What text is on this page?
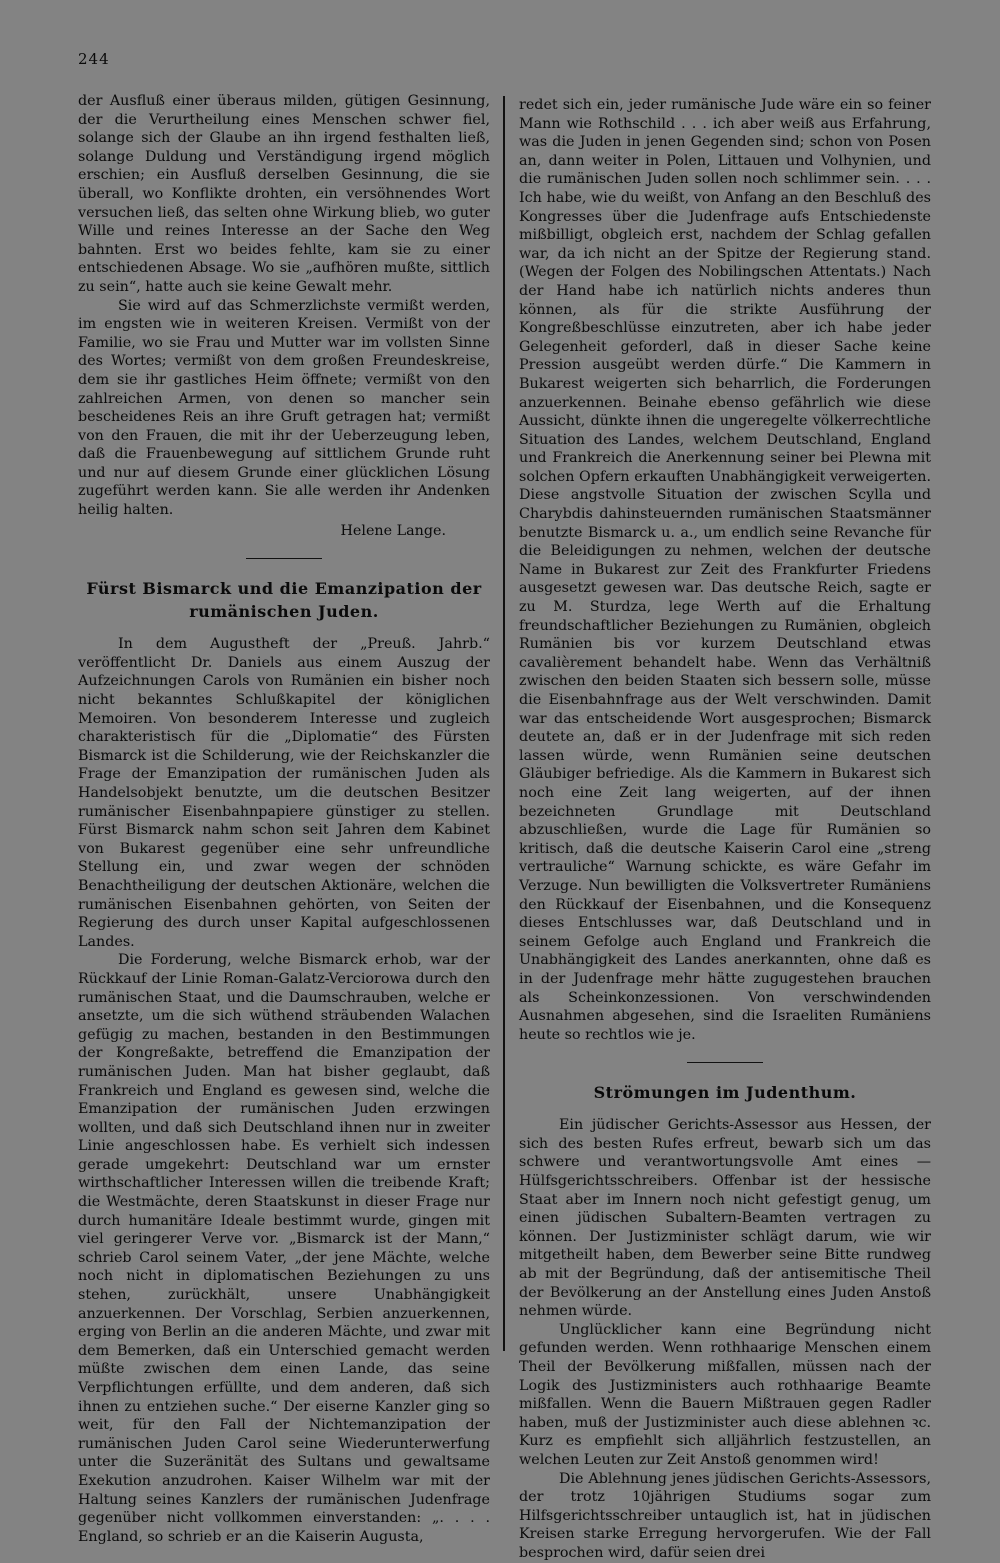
244

der Ausfluß einer überaus milden, gütigen Gesinnung, der die Verurtheilung eines Menschen schwer fiel, solange sich der Glaube an ihn irgend festhalten ließ, solange Duldung und Verständigung irgend möglich erschien; ein Ausfluß derselben Gesinnung, die sie überall, wo Konflikte drohten, ein versöhnendes Wort versuchen ließ, das selten ohne Wirkung blieb, wo guter Wille und reines Interesse an der Sache den Weg bahnten. Erst wo beides fehlte, kam sie zu einer entschiedenen Absage. Wo sie „aufhören mußte, sittlich zu sein“, hatte auch sie keine Gewalt mehr.

Sie wird auf das Schmerzlichste vermißt werden, im engsten wie in weiteren Kreisen. Vermißt von der Familie, wo sie Frau und Mutter war im vollsten Sinne des Wortes; vermißt von dem großen Freundeskreise, dem sie ihr gastliches Heim öffnete; vermißt von den zahlreichen Armen, von denen so mancher sein bescheidenes Reis an ihre Gruft getragen hat; vermißt von den Frauen, die mit ihr der Ueberzeugung leben, daß die Frauenbewegung auf sittlichem Grunde ruht und nur auf diesem Grunde einer glücklichen Lösung zugeführt werden kann. Sie alle werden ihr Andenken heilig halten.

Helene Lange.

Fürst Bismarck und die Emanzipation der rumänischen Juden.

In dem Augustheft der „Preuß. Jahrb.“ veröffentlicht Dr. Daniels aus einem Auszug der Aufzeichnungen Carols von Rumänien ein bisher noch nicht bekanntes Schlußkapitel der königlichen Memoiren. Von besonderem Interesse und zugleich charakteristisch für die „Diplomatie“ des Fürsten Bismarck ist die Schilderung, wie der Reichskanzler die Frage der Emanzipation der rumänischen Juden als Handelsobjekt benutzte, um die deutschen Besitzer rumänischer Eisenbahnpapiere günstiger zu stellen. Fürst Bismarck nahm schon seit Jahren dem Kabinet von Bukarest gegenüber eine sehr unfreundliche Stellung ein, und zwar wegen der schnöden Benachtheiligung der deutschen Aktionäre, welchen die rumänischen Eisenbahnen gehörten, von Seiten der Regierung des durch unser Kapital aufgeschlossenen Landes.

Die Forderung, welche Bismarck erhob, war der Rückkauf der Linie Roman-Galatz-Verciorowa durch den rumänischen Staat, und die Daumschrauben, welche er ansetzte, um die sich wüthend sträubenden Walachen gefügig zu machen, bestanden in den Bestimmungen der Kongreßakte, betreffend die Emanzipation der rumänischen Juden. Man hat bisher geglaubt, daß Frankreich und England es gewesen sind, welche die Emanzipation der rumänischen Juden erzwingen wollten, und daß sich Deutschland ihnen nur in zweiter Linie angeschlossen habe. Es verhielt sich indessen gerade umgekehrt: Deutschland war um ernster wirthschaftlicher Interessen willen die treibende Kraft; die Westmächte, deren Staatskunst in dieser Frage nur durch humanitäre Ideale bestimmt wurde, gingen mit viel geringerer Verve vor. „Bismarck ist der Mann,“ schrieb Carol seinem Vater, „der jene Mächte, welche noch nicht in diplomatischen Beziehungen zu uns stehen, zurückhält, unsere Unabhängigkeit anzuerkennen. Der Vorschlag, Serbien anzuerkennen, erging von Berlin an die anderen Mächte, und zwar mit dem Bemerken, daß ein Unterschied gemacht werden müßte zwischen dem einen Lande, das seine Verpflichtungen erfüllte, und dem anderen, daß sich ihnen zu entziehen suche.“ Der eiserne Kanzler ging so weit, für den Fall der Nichtemanzipation der rumänischen Juden Carol seine Wiederunterwerfung unter die Suzeränität des Sultans und gewaltsame Exekution anzudrohen. Kaiser Wilhelm war mit der Haltung seines Kanzlers der rumänischen Judenfrage gegenüber nicht vollkommen einverstanden: „. . . . England, so schrieb er an die Kaiserin Augusta,

redet sich ein, jeder rumänische Jude wäre ein so feiner Mann wie Rothschild . . . ich aber weiß aus Erfahrung, was die Juden in jenen Gegenden sind; schon von Posen an, dann weiter in Polen, Littauen und Volhynien, und die rumänischen Juden sollen noch schlimmer sein. . . . Ich habe, wie du weißt, von Anfang an den Beschluß des Kongresses über die Judenfrage aufs Entschiedenste mißbilligt, obgleich erst, nachdem der Schlag gefallen war, da ich nicht an der Spitze der Regierung stand. (Wegen der Folgen des Nobilingschen Attentats.) Nach der Hand habe ich natürlich nichts anderes thun können, als für die strikte Ausführung der Kongreßbeschlüsse einzutreten, aber ich habe jeder Gelegenheit geforderl, daß in dieser Sache keine Pression ausgeübt werden dürfe.“ Die Kammern in Bukarest weigerten sich beharrlich, die Forderungen anzuerkennen. Beinahe ebenso gefährlich wie diese Aussicht, dünkte ihnen die ungeregelte völkerrechtliche Situation des Landes, welchem Deutschland, England und Frankreich die Anerkennung seiner bei Plewna mit solchen Opfern erkauften Unabhängigkeit verweigerten. Diese angstvolle Situation der zwischen Scylla und Charybdis dahinsteuernden rumänischen Staatsmänner benutzte Bismarck u. a., um endlich seine Revanche für die Beleidigungen zu nehmen, welchen der deutsche Name in Bukarest zur Zeit des Frankfurter Friedens ausgesetzt gewesen war. Das deutsche Reich, sagte er zu M. Sturdza, lege Werth auf die Erhaltung freundschaftlicher Beziehungen zu Rumänien, obgleich Rumänien bis vor kurzem Deutschland etwas cavalièrement behandelt habe. Wenn das Verhältniß zwischen den beiden Staaten sich bessern solle, müsse die Eisenbahnfrage aus der Welt verschwinden. Damit war das entscheidende Wort ausgesprochen; Bismarck deutete an, daß er in der Judenfrage mit sich reden lassen würde, wenn Rumänien seine deutschen Gläubiger befriedige. Als die Kammern in Bukarest sich noch eine Zeit lang weigerten, auf der ihnen bezeichneten Grundlage mit Deutschland abzuschließen, wurde die Lage für Rumänien so kritisch, daß die deutsche Kaiserin Carol eine „streng vertrauliche“ Warnung schickte, es wäre Gefahr im Verzuge. Nun bewilligten die Volksvertreter Rumäniens den Rückkauf der Eisenbahnen, und die Konsequenz dieses Entschlusses war, daß Deutschland und in seinem Gefolge auch England und Frankreich die Unabhängigkeit des Landes anerkannten, ohne daß es in der Judenfrage mehr hätte zugugestehen brauchen als Scheinkonzessionen. Von verschwindenden Ausnahmen abgesehen, sind die Israeliten Rumäniens heute so rechtlos wie je.

Strömungen im Judenthum.

Ein jüdischer Gerichts-Assessor aus Hessen, der sich des besten Rufes erfreut, bewarb sich um das schwere und verantwortungsvolle Amt eines — Hülfsgerichtsschreibers. Offenbar ist der hessische Staat aber im Innern noch nicht gefestigt genug, um einen jüdischen Subaltern-Beamten vertragen zu können. Der Justizminister schlägt darum, wie wir mitgetheilt haben, dem Bewerber seine Bitte rundweg ab mit der Begründung, daß der antisemitische Theil der Bevölkerung an der Anstellung eines Juden Anstoß nehmen würde.

Unglücklicher kann eine Begründung nicht gefunden werden. Wenn rothhaarige Menschen einem Theil der Bevölkerung mißfallen, müssen nach der Logik des Justizministers auch rothhaarige Beamte mißfallen. Wenn die Bauern Mißtrauen gegen Radler haben, muß der Justizminister auch diese ablehnen ꝛc. Kurz es empfiehlt sich alljährlich festzustellen, an welchen Leuten zur Zeit Anstoß genommen wird!

Die Ablehnung jenes jüdischen Gerichts-Assessors, der trotz 10jährigen Studiums sogar zum Hilfsgerichtsschreiber untauglich ist, hat in jüdischen Kreisen starke Erregung hervorgerufen. Wie der Fall besprochen wird, dafür seien drei
